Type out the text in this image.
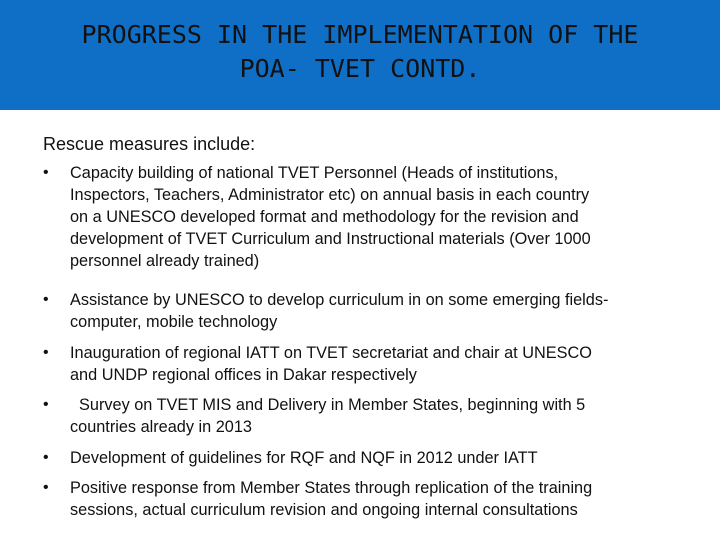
PROGRESS IN THE IMPLEMENTATION OF THE
POA- TVET CONTD.
Rescue measures include:
• Capacity building of national TVET Personnel (Heads of institutions,
Inspectors, Teachers, Administrator etc) on annual basis in each country
on a UNESCO developed format and methodology for the revision and
development of TVET Curriculum and Instructional materials (Over 1000
personnel already trained)
• Assistance by UNESCO to develop curriculum in on some emerging fields-
computer, mobile technology
• Inauguration of regional IATT on TVET secretariat and chair at UNESCO
and UNDP regional offices in Dakar respectively
• Survey on TVET MIS and Delivery in Member States, beginning with 5
countries already in 2013
• Development of guidelines for RQF and NQF in 2012 under IATT
• Positive response from Member States through replication of the training
sessions, actual curriculum revision and ongoing internal consultations
